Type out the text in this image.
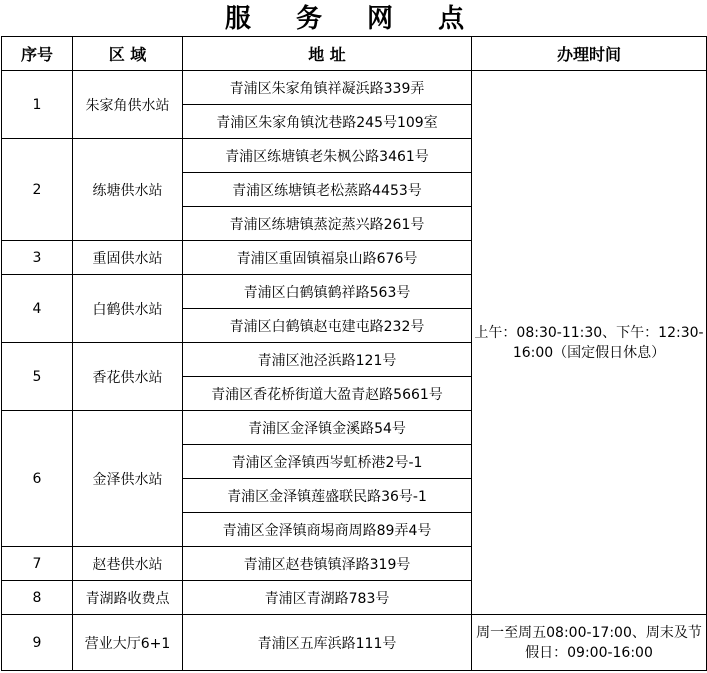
服 务 网 点
序号	区 域	地 址	办理时间
1	朱家角供水站	青浦区朱家角镇祥凝浜路339弄	上午：08:30-11:30、下午：12:30-16:00（国定假日休息）
		青浦区朱家角镇沈巷路245号109室	
2	练塘供水站	青浦区练塘镇老朱枫公路3461号	
		青浦区练塘镇老松蒸路4453号	
		青浦区练塘镇蒸淀蒸兴路261号	
3	重固供水站	青浦区重固镇福泉山路676号	
4	白鹤供水站	青浦区白鹤镇鹤祥路563号	
		青浦区白鹤镇赵屯建屯路232号	
5	香花供水站	青浦区池泾浜路121号	
		青浦区香花桥街道大盈青赵路5661号	
6	金泽供水站	青浦区金泽镇金溪路54号	
		青浦区金泽镇西岑虹桥港2号-1	
		青浦区金泽镇莲盛联民路36号-1	
		青浦区金泽镇商埸商周路89弄4号	
7	赵巷供水站	青浦区赵巷镇镇泽路319号	
8	青湖路收费点	青浦区青湖路783号	
9	营业大厅6+1	青浦区五库浜路111号	周一至周五08:00-17:00、周末及节假日：09:00-16:00
